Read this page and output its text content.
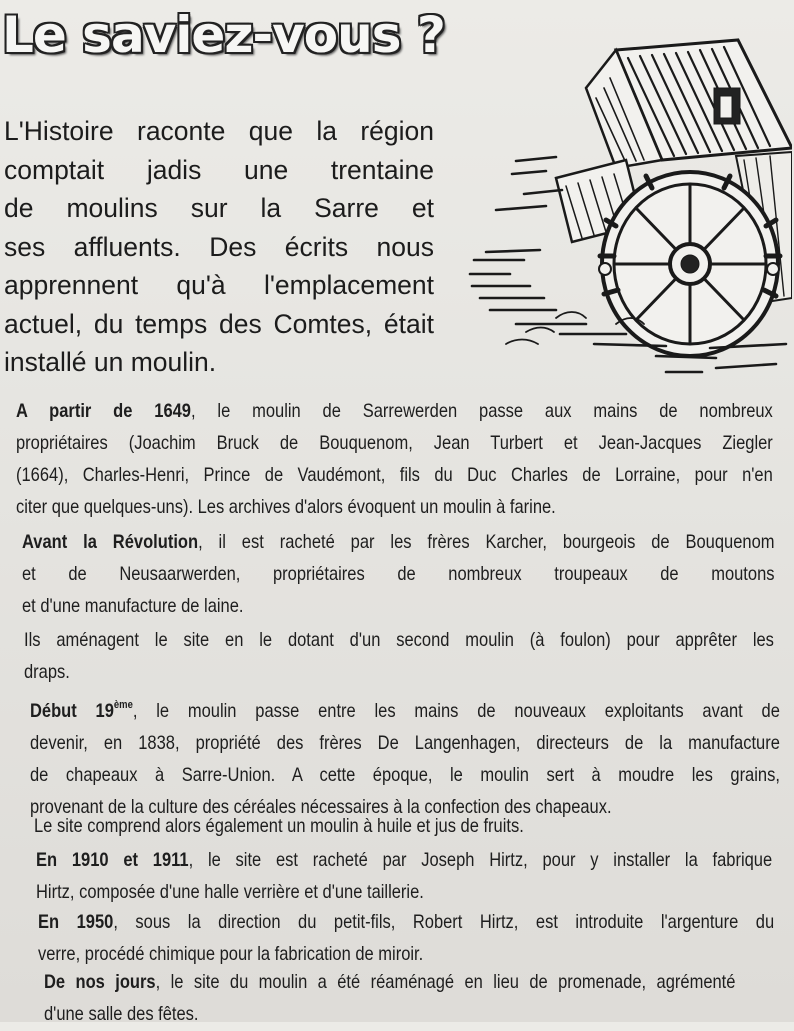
Le saviez-vous ?
L'Histoire raconte que la région
comptait jadis une trentaine
de moulins sur la Sarre et
ses affluents. Des écrits nous
apprennent qu'à l'emplacement
actuel, du temps des Comtes, était
installé un moulin.
A partir de 1649, le moulin de Sarrewerden passe aux mains de nombreux
propriétaires (Joachim Bruck de Bouquenom, Jean Turbert et Jean-Jacques Ziegler
(1664), Charles-Henri, Prince de Vaudémont, fils du Duc Charles de Lorraine, pour n'en
citer que quelques-uns). Les archives d'alors évoquent un moulin à farine.
Avant la Révolution, il est racheté par les frères Karcher, bourgeois de Bouquenom
et de Neusaarwerden, propriétaires de nombreux troupeaux de moutons
et d'une manufacture de laine.
Ils aménagent le site en le dotant d'un second moulin (à foulon) pour apprêter les
draps.
Début 19ème, le moulin passe entre les mains de nouveaux exploitants avant de
devenir, en 1838, propriété des frères De Langenhagen, directeurs de la manufacture
de chapeaux à Sarre-Union. A cette époque, le moulin sert à moudre les grains,
provenant de la culture des céréales nécessaires à la confection des chapeaux.
Le site comprend alors également un moulin à huile et jus de fruits.
En 1910 et 1911, le site est racheté par Joseph Hirtz, pour y installer la fabrique
Hirtz, composée d'une halle verrière et d'une taillerie.
En 1950, sous la direction du petit-fils, Robert Hirtz, est introduite l'argenture du
verre, procédé chimique pour la fabrication de miroir.
De nos jours, le site du moulin a été réaménagé en lieu de promenade, agrémenté
d'une salle des fêtes.
